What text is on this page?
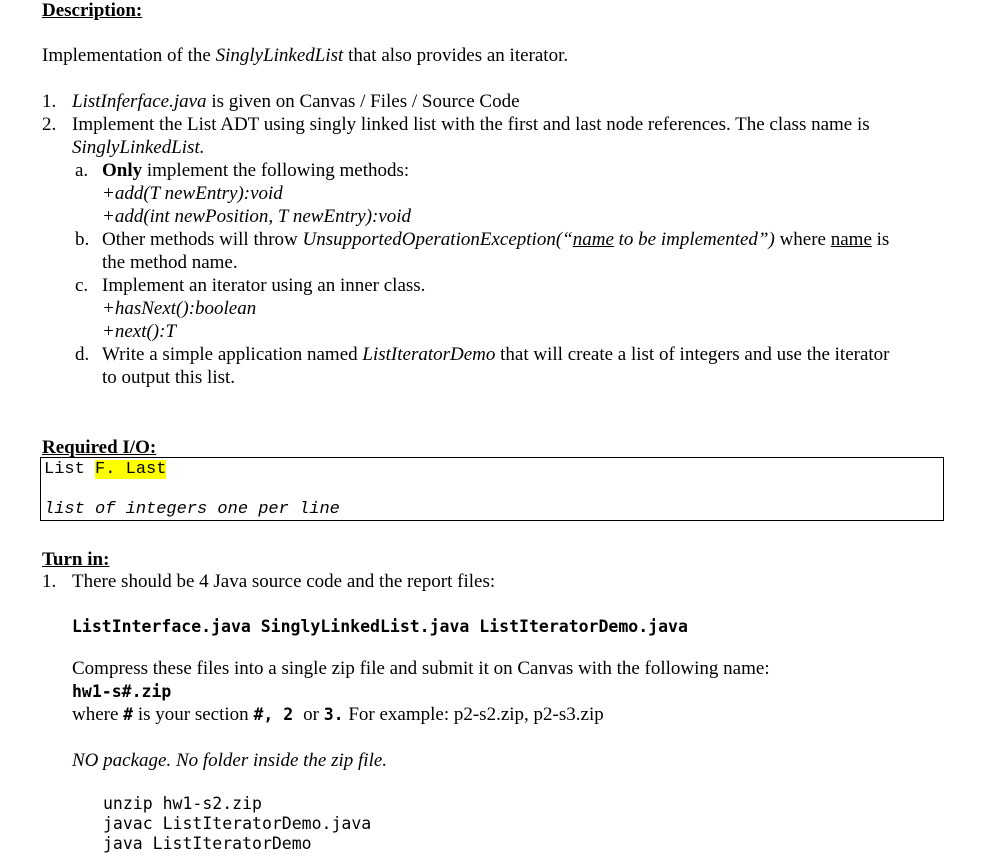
Description:
Implementation of the SinglyLinkedList that also provides an iterator.
1. ListInferface.java is given on Canvas / Files / Source Code
2. Implement the List ADT using singly linked list with the first and last node references. The class name is
SinglyLinkedList.
a. Only implement the following methods:
+add(T newEntry):void
+add(int newPosition, T newEntry):void
b. Other methods will throw UnsupportedOperationException(“name to be implemented”) where name is
the method name.
c. Implement an iterator using an inner class.
+hasNext():boolean
+next():T
d. Write a simple application named ListIteratorDemo that will create a list of integers and use the iterator
to output this list.
Required I/O:
List F. Last
list of integers one per line
Turn in:
1. There should be 4 Java source code and the report files:
ListInterface.java SinglyLinkedList.java ListIteratorDemo.java
Compress these files into a single zip file and submit it on Canvas with the following name:
hw1-s#.zip
where # is your section #, 2 or 3. For example: p2-s2.zip, p2-s3.zip
NO package. No folder inside the zip file.
unzip hw1-s2.zip
javac ListIteratorDemo.java
java ListIteratorDemo
